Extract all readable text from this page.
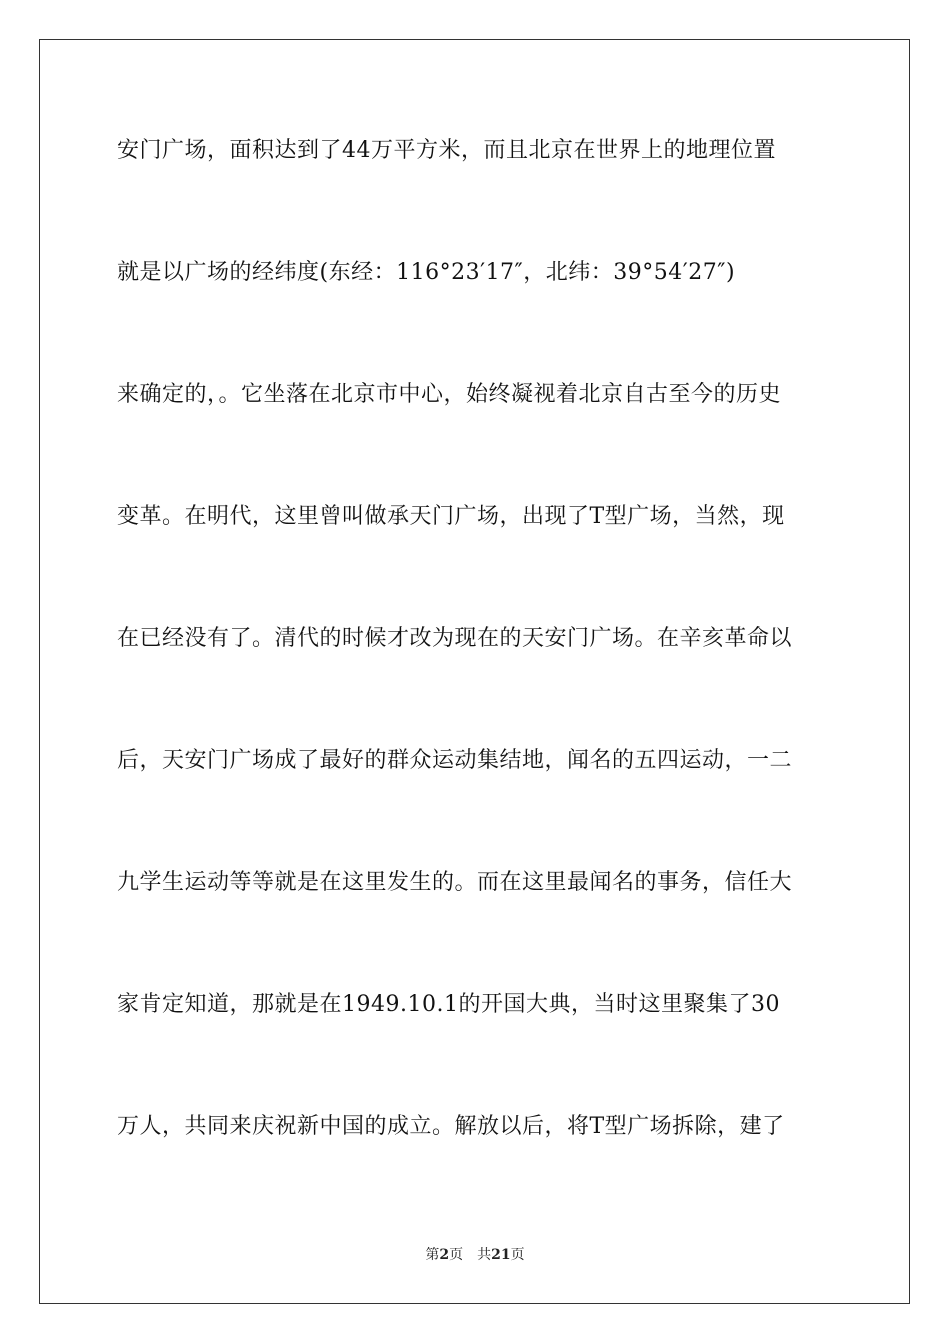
安门广场，面积达到了44万平方米，而且北京在世界上的地理位置
就是以广场的经纬度(东经：116°23′17″，北纬：39°54′27″)
来确定的，。它坐落在北京市中心，始终凝视着北京自古至今的历史
变革。在明代，这里曾叫做承天门广场，出现了T型广场，当然，现
在已经没有了。清代的时候才改为现在的天安门广场。在辛亥革命以
后，天安门广场成了最好的群众运动集结地，闻名的五四运动，一二
九学生运动等等就是在这里发生的。而在这里最闻名的事务，信任大
家肯定知道，那就是在1949.10.1的开国大典，当时这里聚集了30
万人，共同来庆祝新中国的成立。解放以后，将T型广场拆除，建了
第2页 共21页
